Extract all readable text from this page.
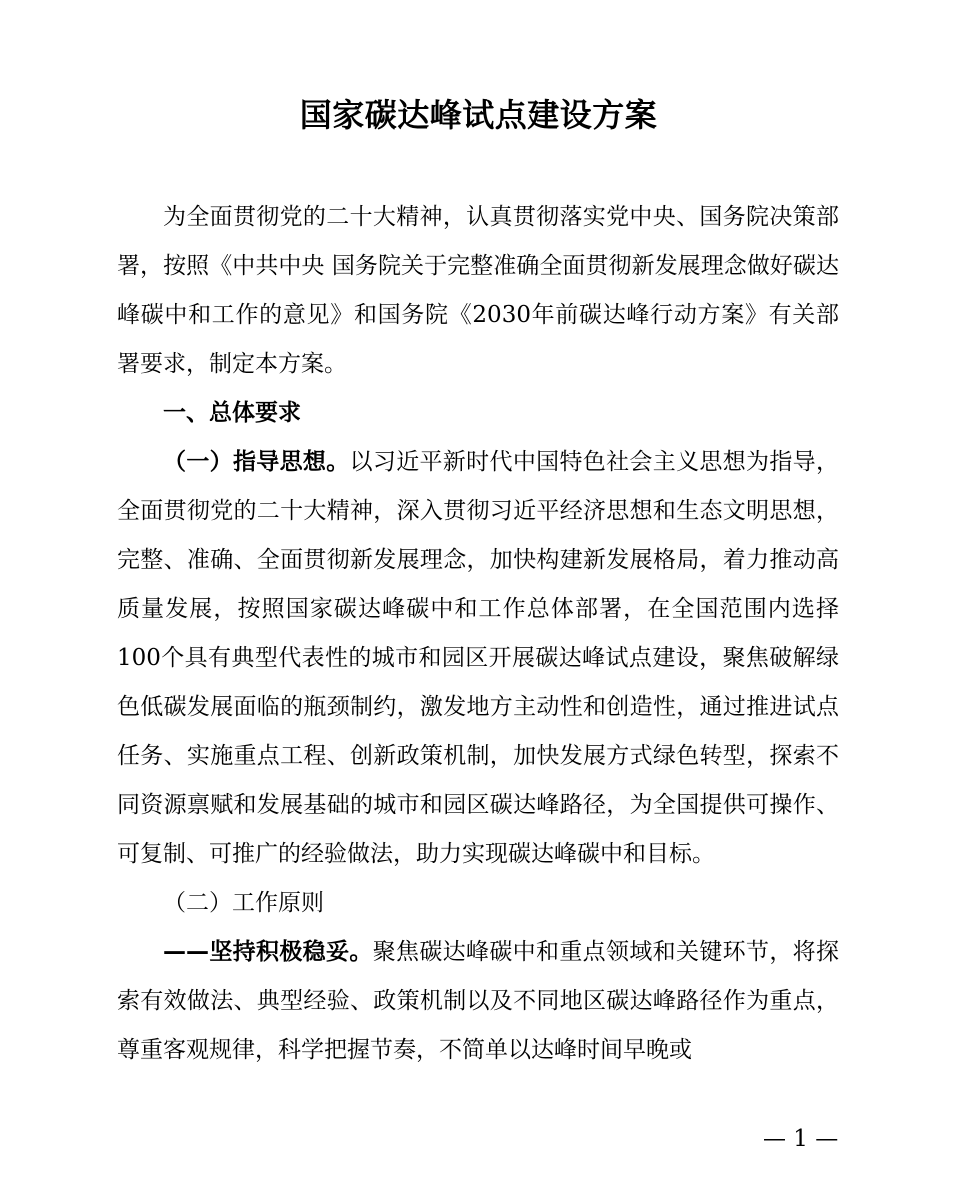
国家碳达峰试点建设方案

为全面贯彻党的二十大精神，认真贯彻落实党中央、国务院决策部署，按照《中共中央 国务院关于完整准确全面贯彻新发展理念做好碳达峰碳中和工作的意见》和国务院《2030年前碳达峰行动方案》有关部署要求，制定本方案。

一、总体要求

（一）指导思想。以习近平新时代中国特色社会主义思想为指导，全面贯彻党的二十大精神，深入贯彻习近平经济思想和生态文明思想，完整、准确、全面贯彻新发展理念，加快构建新发展格局，着力推动高质量发展，按照国家碳达峰碳中和工作总体部署，在全国范围内选择100个具有典型代表性的城市和园区开展碳达峰试点建设，聚焦破解绿色低碳发展面临的瓶颈制约，激发地方主动性和创造性，通过推进试点任务、实施重点工程、创新政策机制，加快发展方式绿色转型，探索不同资源禀赋和发展基础的城市和园区碳达峰路径，为全国提供可操作、可复制、可推广的经验做法，助力实现碳达峰碳中和目标。

（二）工作原则

——坚持积极稳妥。聚焦碳达峰碳中和重点领域和关键环节，将探索有效做法、典型经验、政策机制以及不同地区碳达峰路径作为重点，尊重客观规律，科学把握节奏，不简单以达峰时间早晚或

— 1 —
